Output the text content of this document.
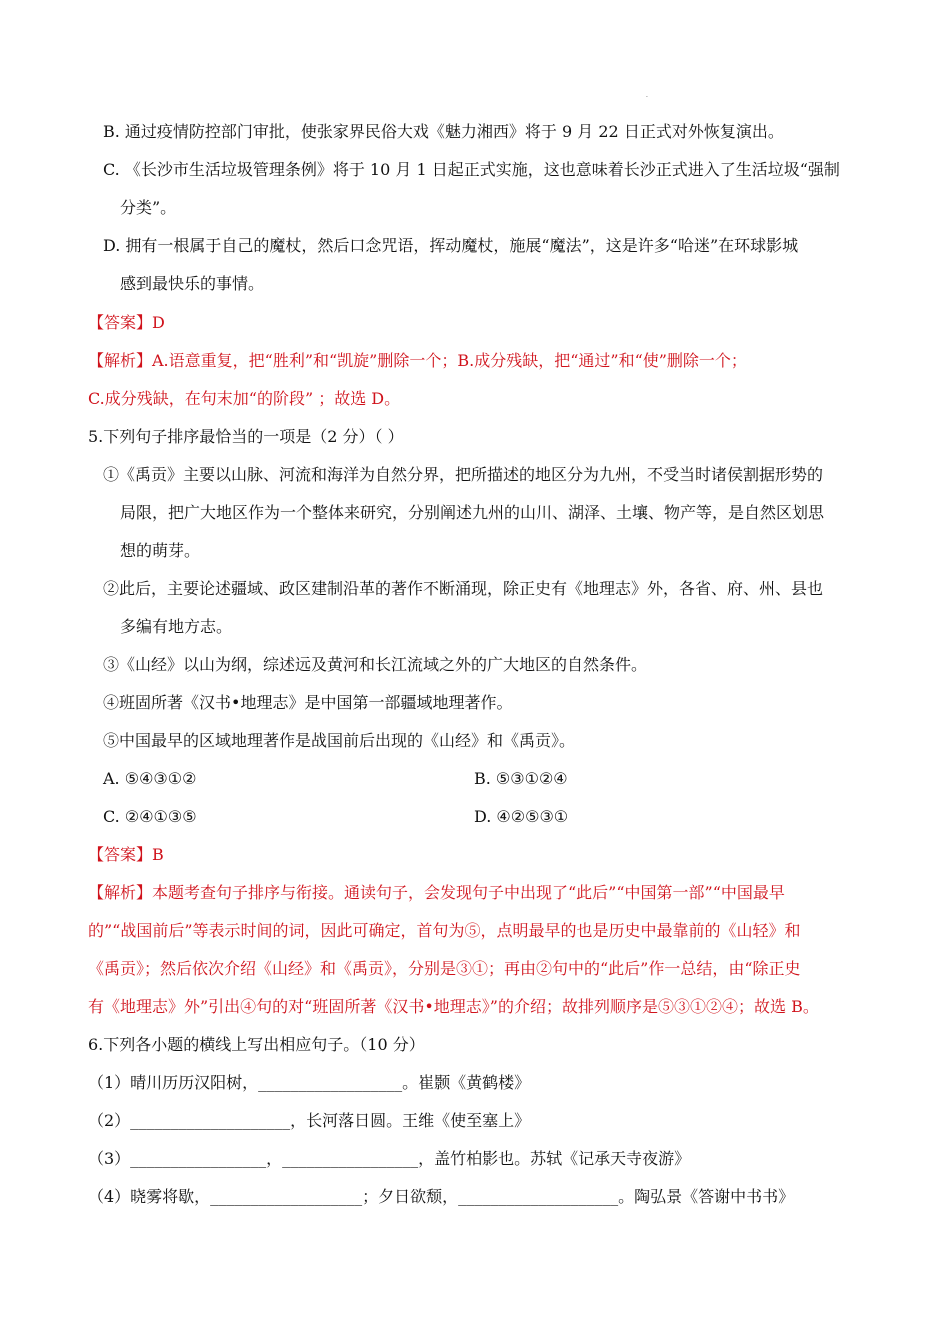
·
B. 通过疫情防控部门审批，使张家界民俗大戏《魅力湘西》将于 9 月 22 日正式对外恢复演出。
C. 《长沙市生活垃圾管理条例》将于 10 月 1 日起正式实施，这也意味着长沙正式进入了生活垃圾“强制
分类”。
D. 拥有一根属于自己的魔杖，然后口念咒语，挥动魔杖，施展“魔法”，这是许多“哈迷”在环球影城
感到最快乐的事情。
【答案】D
【解析】A.语意重复，把“胜利”和“凯旋”删除一个；B.成分残缺，把“通过”和“使”删除一个；
C.成分残缺，在句末加“的阶段” ；故选 D。
5.下列句子排序最恰当的一项是（2 分）（ ）
①《禹贡》主要以山脉、河流和海洋为自然分界，把所描述的地区分为九州，不受当时诸侯割据形势的
局限，把广大地区作为一个整体来研究，分别阐述九州的山川、湖泽、土壤、物产等，是自然区划思
想的萌芽。
②此后，主要论述疆域、政区建制沿革的著作不断涌现，除正史有《地理志》外，各省、府、州、县也
多编有地方志。
③《山经》以山为纲，综述远及黄河和长江流域之外的广大地区的自然条件。
④班固所著《汉书•地理志》是中国第一部疆域地理著作。
⑤中国最早的区域地理著作是战国前后出现的《山经》和《禹贡》。
A. ⑤④③①②	B. ⑤③①②④
C. ②④①③⑤	D. ④②⑤③①
【答案】B
【解析】本题考查句子排序与衔接。通读句子，会发现句子中出现了“此后”“中国第一部”“中国最早
的”“战国前后”等表示时间的词，因此可确定，首句为⑤，点明最早的也是历史中最靠前的《山轻》和
《禹贡》；然后依次介绍《山经》和《禹贡》，分别是③①；再由②句中的“此后”作一总结，由“除正史
有《地理志》外”引出④句的对“班固所著《汉书•地理志》”的介绍；故排列顺序是⑤③①②④；故选 B。
6.下列各小题的横线上写出相应句子。（10 分）
（1）晴川历历汉阳树，__________________。崔颢《黄鹤楼》
（2）____________________，长河落日圆。王维《使至塞上》
（3）_________________，_________________，盖竹柏影也。苏轼《记承天寺夜游》
（4）晓雾将歇，___________________；夕日欲颓，____________________。陶弘景《答谢中书书》
